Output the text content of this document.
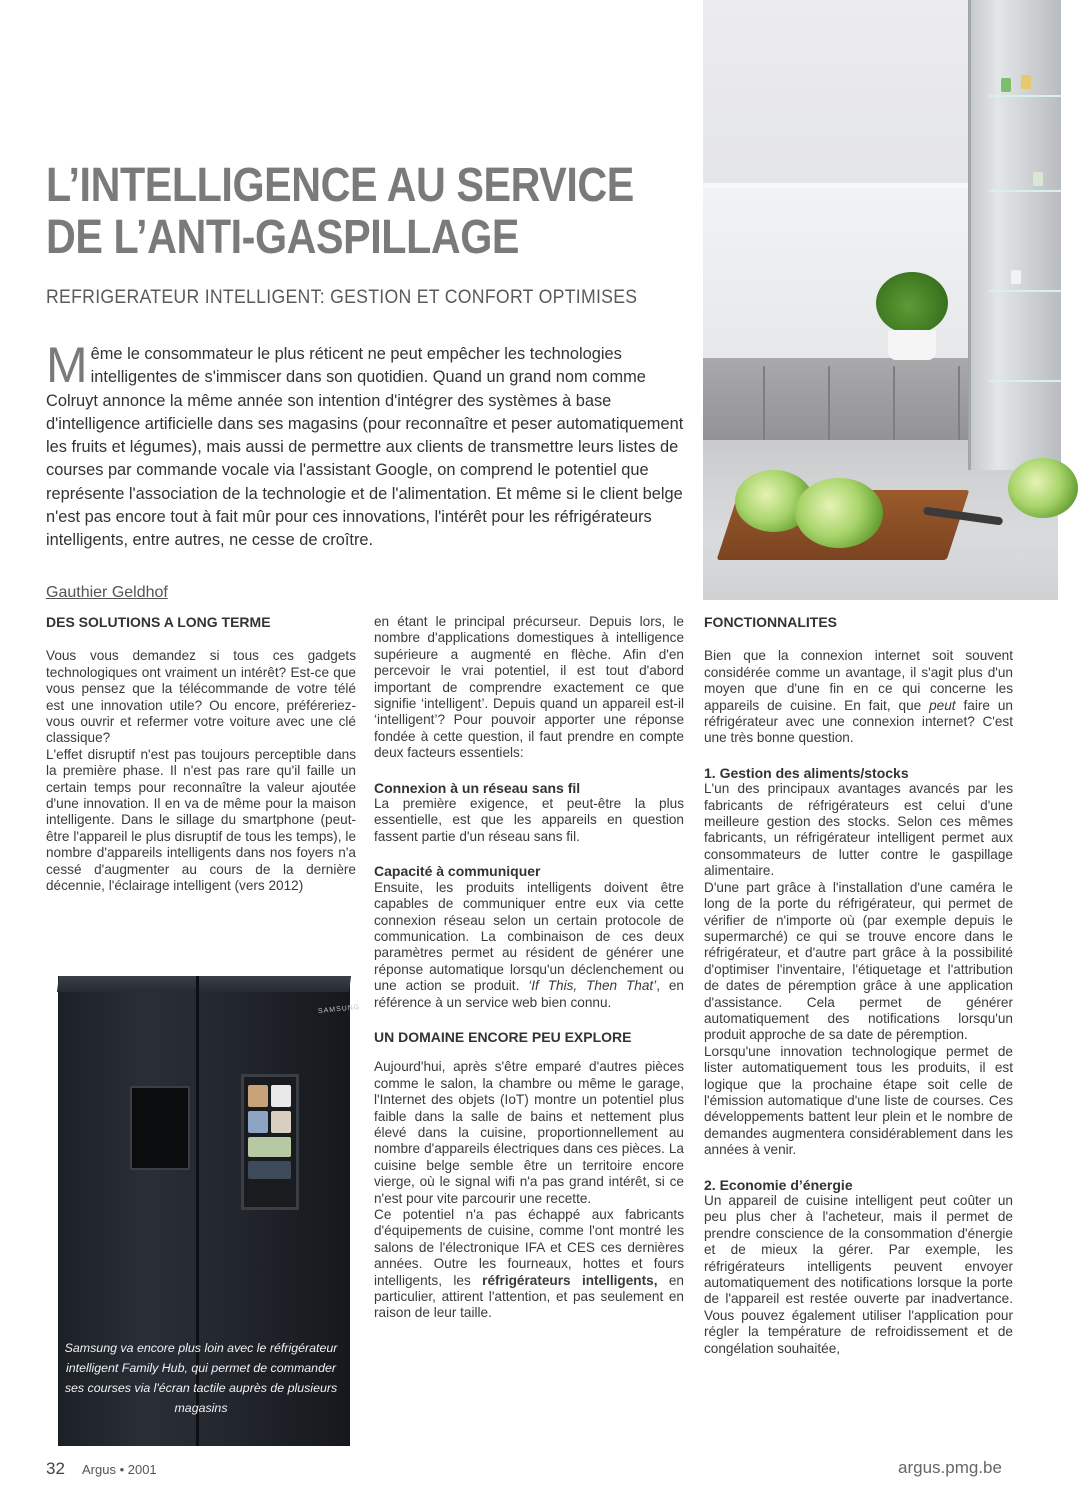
L’INTELLIGENCE AU SERVICE
DE L’ANTI-GASPILLAGE
REFRIGERATEUR INTELLIGENT: GESTION ET CONFORT OPTIMISES

Même le consommateur le plus réticent ne peut empêcher les technologies intelligentes de s'immiscer dans son quotidien. Quand un grand nom comme Colruyt annonce la même année son intention d'intégrer des systèmes à base d'intelligence artificielle dans ses magasins (pour reconnaître et peser automatiquement les fruits et légumes), mais aussi de permettre aux clients de transmettre leurs listes de courses par commande vocale via l'assistant Google, on comprend le potentiel que représente l'association de la technologie et de l'alimentation. Et même si le client belge n'est pas encore tout à fait mûr pour ces innovations, l'intérêt pour les réfrigérateurs intelligents, entre autres, ne cesse de croître.

Gauthier Geldhof
DES SOLUTIONS A LONG TERME

Vous vous demandez si tous ces gadgets technologiques ont vraiment un intérêt? Est-ce que vous pensez que la télécommande de votre télé est une innovation utile? Ou encore, préféreriez-vous ouvrir et refermer votre voiture avec une clé classique?

L'effet disruptif n'est pas toujours perceptible dans la première phase. Il n'est pas rare qu'il faille un certain temps pour reconnaître la valeur ajoutée d'une innovation. Il en va de même pour la maison intelligente. Dans le sillage du smartphone (peut-être l'appareil le plus disruptif de tous les temps), le nombre d'appareils intelligents dans nos foyers n'a cessé d'augmenter au cours de la dernière décennie, l'éclairage intelligent (vers 2012)

SAMSUNG
Samsung va encore plus loin avec le réfrigérateur intelligent Family Hub, qui permet de commander ses courses via l'écran tactile auprès de plusieurs magasins

en étant le principal précurseur. Depuis lors, le nombre d'applications domestiques à intelligence supérieure a augmenté en flèche. Afin d'en percevoir le vrai potentiel, il est tout d'abord important de comprendre exactement ce que signifie ‘intelligent’. Depuis quand un appareil est-il ‘intelligent’? Pour pouvoir apporter une réponse fondée à cette question, il faut prendre en compte deux facteurs essentiels:

Connexion à un réseau sans fil

La première exigence, et peut-être la plus essentielle, est que les appareils en question fassent partie d'un réseau sans fil.

Capacité à communiquer

Ensuite, les produits intelligents doivent être capables de communiquer entre eux via cette connexion réseau selon un certain protocole de communication. La combinaison de ces deux paramètres permet au résident de générer une réponse automatique lorsqu'un déclenchement ou une action se produit. ‘If This, Then That’, en référence à un service web bien connu.

UN DOMAINE ENCORE PEU EXPLORE

Aujourd'hui, après s'être emparé d'autres pièces comme le salon, la chambre ou même le garage, l'Internet des objets (IoT) montre un potentiel plus faible dans la salle de bains et nettement plus élevé dans la cuisine, proportionnellement au nombre d'appareils électriques dans ces pièces. La cuisine belge semble être un territoire encore vierge, où le signal wifi n'a pas grand intérêt, si ce n'est pour vite parcourir une recette.

Ce potentiel n'a pas échappé aux fabricants d'équipements de cuisine, comme l'ont montré les salons de l'électronique IFA et CES ces dernières années. Outre les fourneaux, hottes et fours intelligents, les réfrigérateurs intelligents, en particulier, attirent l'attention, et pas seulement en raison de leur taille.

FONCTIONNALITES

Bien que la connexion internet soit souvent considérée comme un avantage, il s'agit plus d'un moyen que d'une fin en ce qui concerne les appareils de cuisine. En fait, que peut faire un réfrigérateur avec une connexion internet? C'est une très bonne question.

1. Gestion des aliments/stocks

L'un des principaux avantages avancés par les fabricants de réfrigérateurs est celui d'une meilleure gestion des stocks. Selon ces mêmes fabricants, un réfrigérateur intelligent permet aux consommateurs de lutter contre le gaspillage alimentaire.

D'une part grâce à l'installation d'une caméra le long de la porte du réfrigérateur, qui permet de vérifier de n'importe où (par exemple depuis le supermarché) ce qui se trouve encore dans le réfrigérateur, et d'autre part grâce à la possibilité d'optimiser l'inventaire, l'étiquetage et l'attribution de dates de péremption grâce à une application d'assistance. Cela permet de générer automatiquement des notifications lorsqu'un produit approche de sa date de péremption.

Lorsqu'une innovation technologique permet de lister automatiquement tous les produits, il est logique que la prochaine étape soit celle de l'émission automatique d'une liste de courses. Ces développements battent leur plein et le nombre de demandes augmentera considérablement dans les années à venir.

2. Economie d’énergie

Un appareil de cuisine intelligent peut coûter un peu plus cher à l'acheteur, mais il permet de prendre conscience de la consommation d'énergie et de mieux la gérer. Par exemple, les réfrigérateurs intelligents peuvent envoyer automatiquement des notifications lorsque la porte de l'appareil est restée ouverte par inadvertance. Vous pouvez également utiliser l'application pour régler la température de refroidissement et de congélation souhaitée,

32 Argus • 2001	argus.pmg.be
